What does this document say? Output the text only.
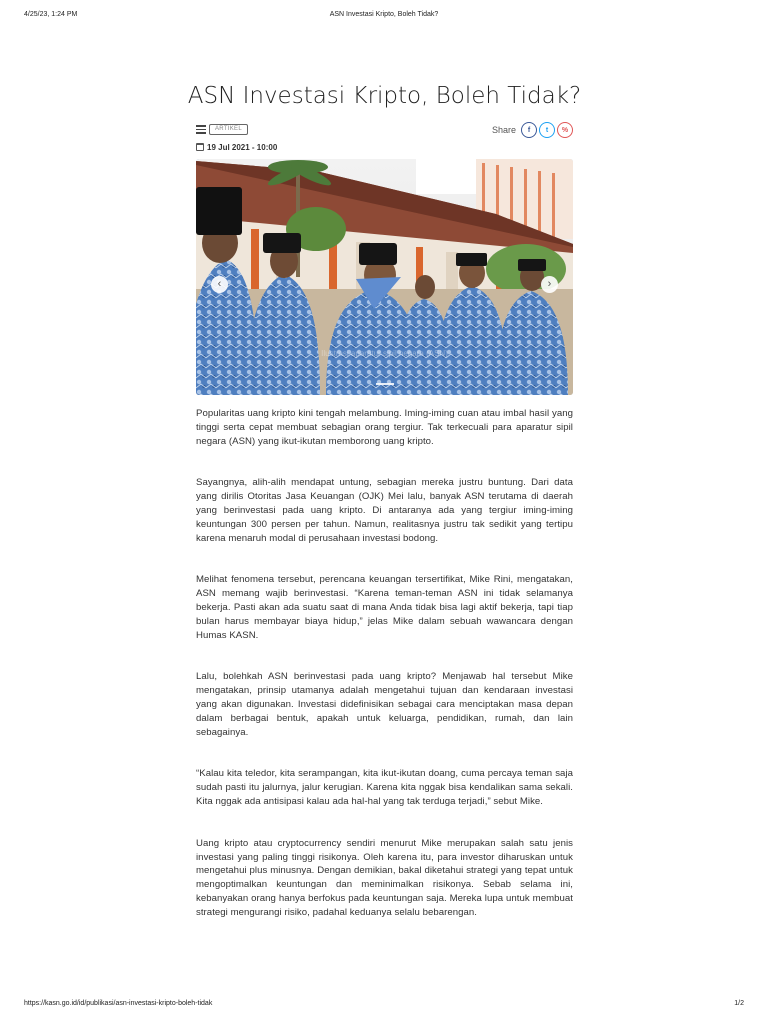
4/25/23, 1:24 PM	ASN Investasi Kripto, Boleh Tidak?
ASN Investasi Kripto, Boleh Tidak?
ARTIKEL	Share	f	t	%
19 Jul 2021 - 10:00
Ilustrasi aparatur sipil negara (ASN)
‹	›

Popularitas uang kripto kini tengah melambung. Iming-iming cuan atau imbal hasil yang tinggi serta cepat membuat sebagian orang tergiur. Tak terkecuali para aparatur sipil negara (ASN) yang ikut-ikutan memborong uang kripto.

Sayangnya, alih-alih mendapat untung, sebagian mereka justru buntung. Dari data yang dirilis Otoritas Jasa Keuangan (OJK) Mei lalu, banyak ASN terutama di daerah yang berinvestasi pada uang kripto. Di antaranya ada yang tergiur iming-iming keuntungan 300 persen per tahun. Namun, realitasnya justru tak sedikit yang tertipu karena menaruh modal di perusahaan investasi bodong.

Melihat fenomena tersebut, perencana keuangan tersertifikat, Mike Rini, mengatakan, ASN memang wajib berinvestasi. “Karena teman-teman ASN ini tidak selamanya bekerja. Pasti akan ada suatu saat di mana Anda tidak bisa lagi aktif bekerja, tapi tiap bulan harus membayar biaya hidup,” jelas Mike dalam sebuah wawancara dengan Humas KASN.

Lalu, bolehkah ASN berinvestasi pada uang kripto? Menjawab hal tersebut Mike mengatakan, prinsip utamanya adalah mengetahui tujuan dan kendaraan investasi yang akan digunakan. Investasi didefinisikan sebagai cara menciptakan masa depan dalam berbagai bentuk, apakah untuk keluarga, pendidikan, rumah, dan lain sebagainya.

“Kalau kita teledor, kita serampangan, kita ikut-ikutan doang, cuma percaya teman saja sudah pasti itu jalurnya, jalur kerugian. Karena kita nggak bisa kendalikan sama sekali. Kita nggak ada antisipasi kalau ada hal-hal yang tak terduga terjadi,” sebut Mike.

Uang kripto atau cryptocurrency sendiri menurut Mike merupakan salah satu jenis investasi yang paling tinggi risikonya. Oleh karena itu, para investor diharuskan untuk mengetahui plus minusnya. Dengan demikian, bakal diketahui strategi yang tepat untuk mengoptimalkan keuntungan dan meminimalkan risikonya. Sebab selama ini, kebanyakan orang hanya berfokus pada keuntungan saja. Mereka lupa untuk membuat strategi mengurangi risiko, padahal keduanya selalu bebarengan.

https://kasn.go.id/id/publikasi/asn-investasi-kripto-boleh-tidak	1/2
